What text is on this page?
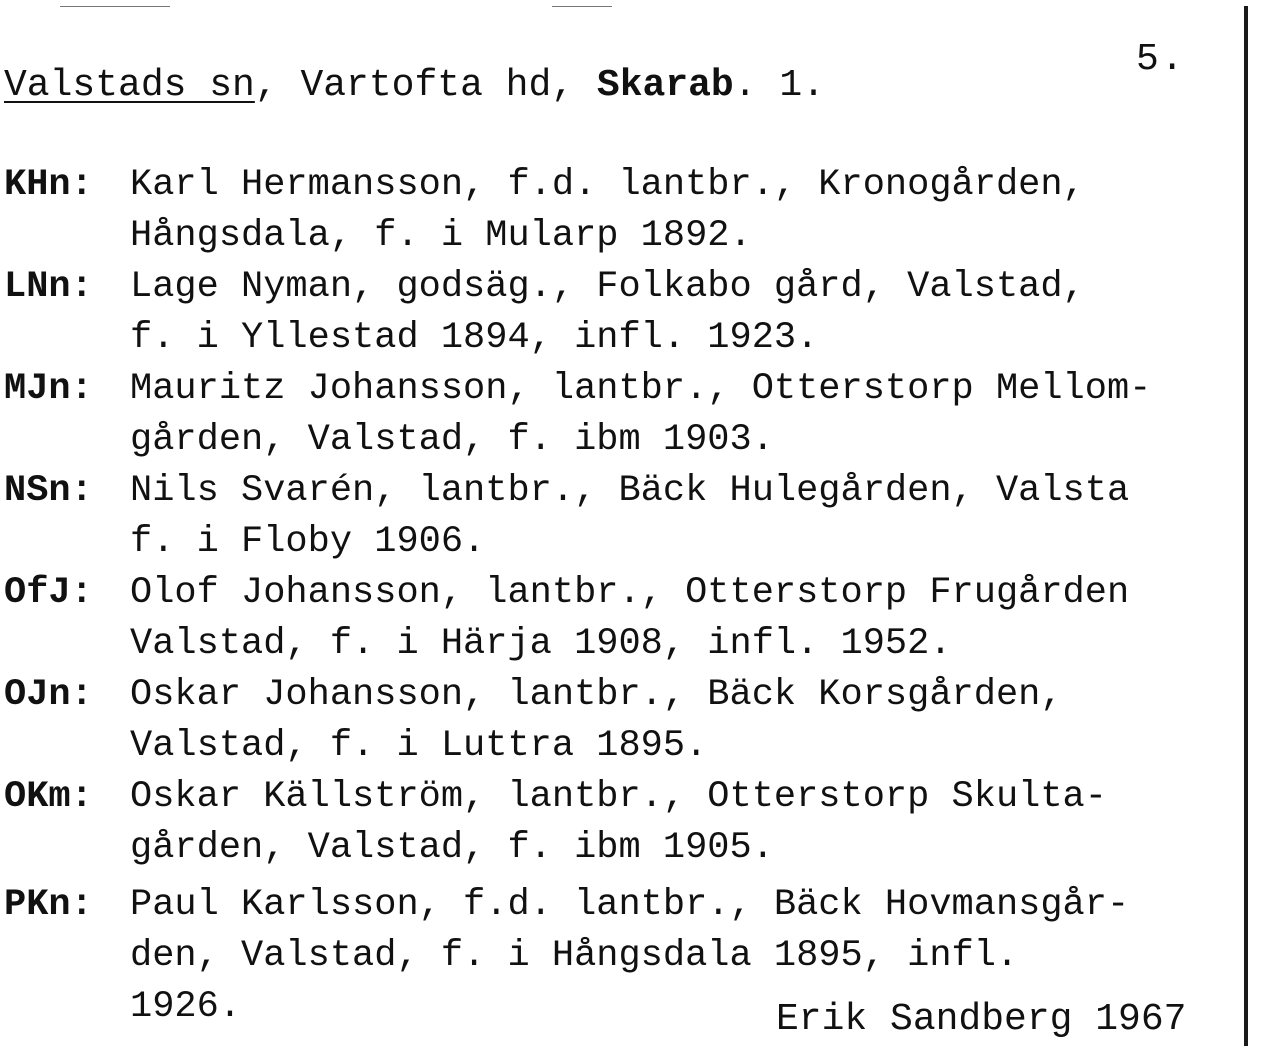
5.
Valstads sn, Vartofta hd, Skarab. 1.
KHn: Karl Hermansson, f.d. lantbr., Kronogården,
Hångsdala, f. i Mularp 1892.
LNn: Lage Nyman, godsäg., Folkabo gård, Valstad,
f. i Yllestad 1894, infl. 1923.
MJn: Mauritz Johansson, lantbr., Otterstorp Mellom-
gården, Valstad, f. ibm 1903.
NSn: Nils Svarén, lantbr., Bäck Hulegården, Valsta
f. i Floby 1906.
OfJ: Olof Johansson, lantbr., Otterstorp Frugården
Valstad, f. i Härja 1908, infl. 1952.
OJn: Oskar Johansson, lantbr., Bäck Korsgården,
Valstad, f. i Luttra 1895.
OKm: Oskar Källström, lantbr., Otterstorp Skulta-
gården, Valstad, f. ibm 1905.
PKn: Paul Karlsson, f.d. lantbr., Bäck Hovmansgår-
den, Valstad, f. i Hångsdala 1895, infl.
1926.	Erik Sandberg 1967
